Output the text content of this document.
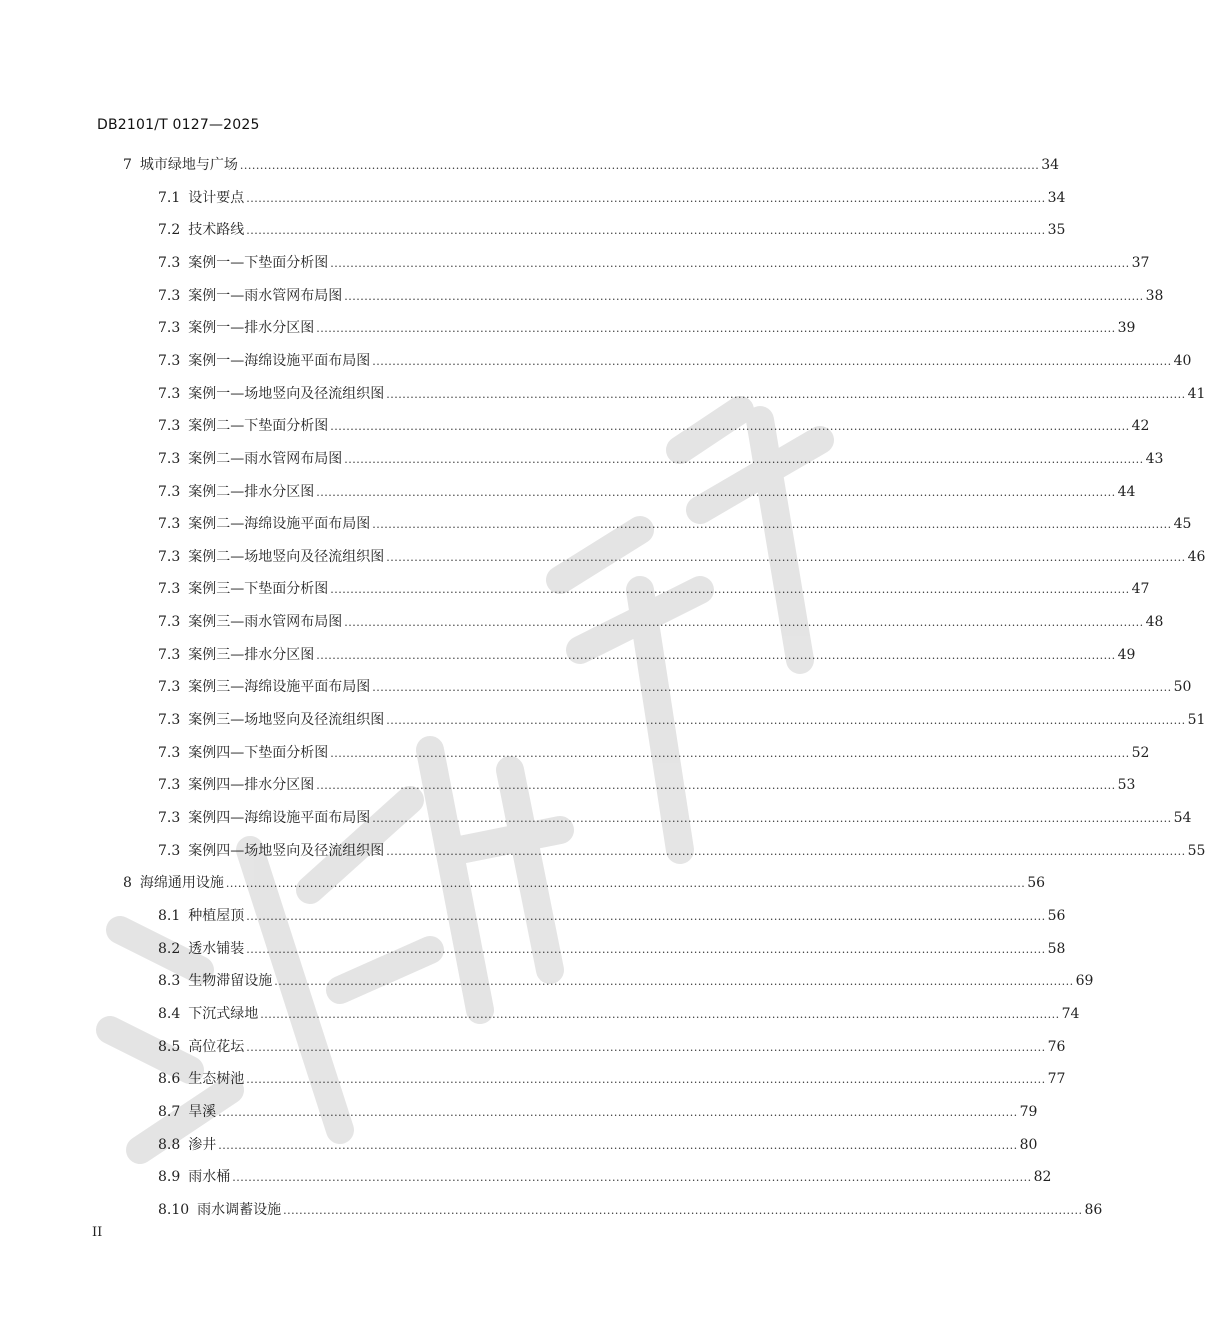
DB2101/T 0127—2025
7 城市绿地与广场 ........................................................................................................................................................................................................ 34
7.1 设计要点 ........................................................................................................................................................................................................ 34
7.2 技术路线 ........................................................................................................................................................................................................ 35
7.3 案例一—下垫面分析图 ........................................................................................................................................................................................................ 37
7.3 案例一—雨水管网布局图 ........................................................................................................................................................................................................ 38
7.3 案例一—排水分区图 ........................................................................................................................................................................................................ 39
7.3 案例一—海绵设施平面布局图 ........................................................................................................................................................................................................ 40
7.3 案例一—场地竖向及径流组织图 ........................................................................................................................................................................................................ 41
7.3 案例二—下垫面分析图 ........................................................................................................................................................................................................ 42
7.3 案例二—雨水管网布局图 ........................................................................................................................................................................................................ 43
7.3 案例二—排水分区图 ........................................................................................................................................................................................................ 44
7.3 案例二—海绵设施平面布局图 ........................................................................................................................................................................................................ 45
7.3 案例二—场地竖向及径流组织图 ........................................................................................................................................................................................................ 46
7.3 案例三—下垫面分析图 ........................................................................................................................................................................................................ 47
7.3 案例三—雨水管网布局图 ........................................................................................................................................................................................................ 48
7.3 案例三—排水分区图 ........................................................................................................................................................................................................ 49
7.3 案例三—海绵设施平面布局图 ........................................................................................................................................................................................................ 50
7.3 案例三—场地竖向及径流组织图 ........................................................................................................................................................................................................ 51
7.3 案例四—下垫面分析图 ........................................................................................................................................................................................................ 52
7.3 案例四—排水分区图 ........................................................................................................................................................................................................ 53
7.3 案例四—海绵设施平面布局图 ........................................................................................................................................................................................................ 54
7.3 案例四—场地竖向及径流组织图 ........................................................................................................................................................................................................ 55
8 海绵通用设施 ........................................................................................................................................................................................................ 56
8.1 种植屋顶 ........................................................................................................................................................................................................ 56
8.2 透水铺装 ........................................................................................................................................................................................................ 58
8.3 生物滞留设施 ........................................................................................................................................................................................................ 69
8.4 下沉式绿地 ........................................................................................................................................................................................................ 74
8.5 高位花坛 ........................................................................................................................................................................................................ 76
8.6 生态树池 ........................................................................................................................................................................................................ 77
8.7 旱溪 ........................................................................................................................................................................................................ 79
8.8 渗井 ........................................................................................................................................................................................................ 80
8.9 雨水桶 ........................................................................................................................................................................................................ 82
8.10 雨水调蓄设施 ........................................................................................................................................................................................................ 86
II
